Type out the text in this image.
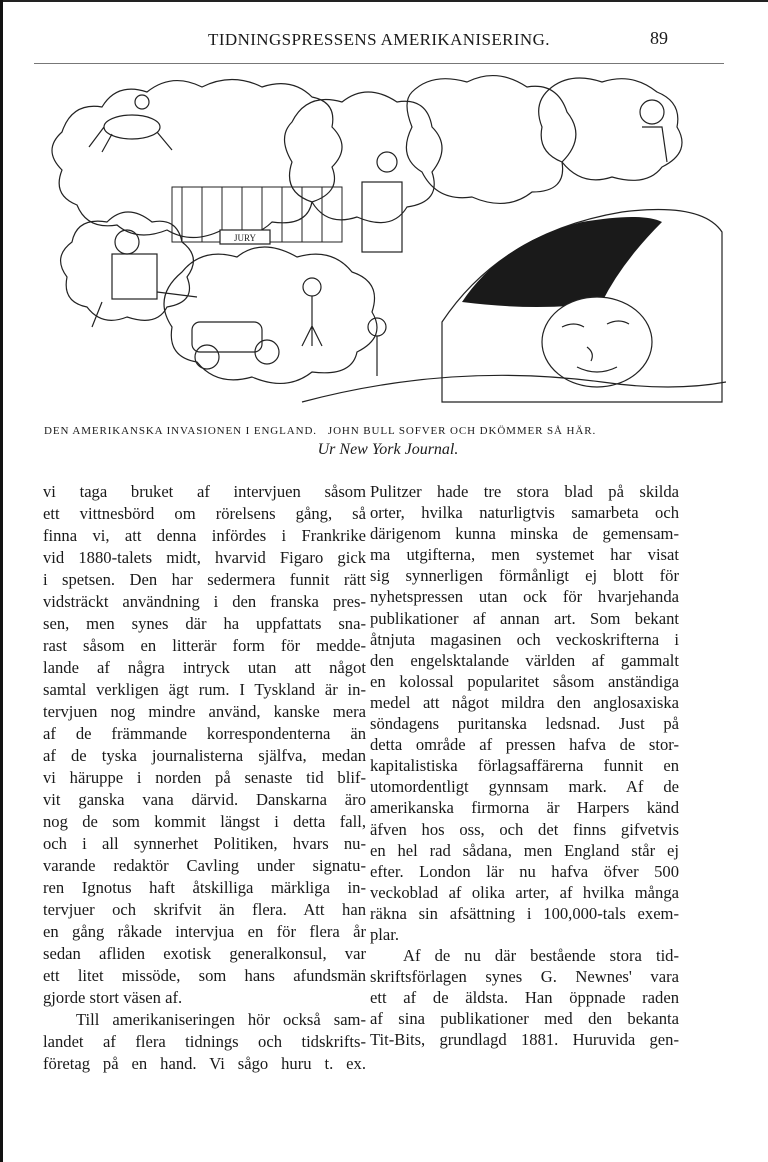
TIDNINGSPRESSENS AMERIKANISERING.	89
JURY
DEN AMERIKANSKA INVASIONEN I ENGLAND. JOHN BULL SOFVER OCH DKÖMMER SÅ HÄR.
Ur New York Journal.
vi taga bruket af intervjuen såsom
ett vittnesbörd om rörelsens gång, så
finna vi, att denna infördes i Frankrike
vid 1880-talets midt, hvarvid Figaro gick
i spetsen. Den har sedermera funnit rätt
vidsträckt användning i den franska pres-
sen, men synes där ha uppfattats sna-
rast såsom en litterär form för medde-
lande af några intryck utan att något
samtal verkligen ägt rum. I Tyskland är in-
tervjuen nog mindre använd, kanske mera
af de främmande korrespondenterna än
af de tyska journalisterna själfva, medan
vi häruppe i norden på senaste tid blif-
vit ganska vana därvid. Danskarna äro
nog de som kommit längst i detta fall,
och i all synnerhet Politiken, hvars nu-
varande redaktör Cavling under signatu-
ren Ignotus haft åtskilliga märkliga in-
tervjuer och skrifvit än flera. Att han
en gång råkade intervjua en för flera år
sedan afliden exotisk generalkonsul, var
ett litet missöde, som hans afundsmän
gjorde stort väsen af.
Till amerikaniseringen hör också sam-
landet af flera tidnings och tidskrifts-
företag på en hand. Vi sågo huru t. ex.
Pulitzer hade tre stora blad på skilda
orter, hvilka naturligtvis samarbeta och
därigenom kunna minska de gemensam-
ma utgifterna, men systemet har visat
sig synnerligen förmånligt ej blott för
nyhetspressen utan ock för hvarjehanda
publikationer af annan art. Som bekant
åtnjuta magasinen och veckoskrifterna i
den engelsktalande världen af gammalt
en kolossal popularitet såsom anständiga
medel att något mildra den anglosaxiska
söndagens puritanska ledsnad. Just på
detta område af pressen hafva de stor-
kapitalistiska förlagsaffärerna funnit en
utomordentligt gynnsam mark. Af de
amerikanska firmorna är Harpers känd
äfven hos oss, och det finns gifvetvis
en hel rad sådana, men England står ej
efter. London lär nu hafva öfver 500
veckoblad af olika arter, af hvilka många
räkna sin afsättning i 100,000-tals exem-
plar.
Af de nu där bestående stora tid-
skriftsförlagen synes G. Newnes' vara
ett af de äldsta. Han öppnade raden
af sina publikationer med den bekanta
Tit-Bits, grundlagd 1881. Huruvida gen-
